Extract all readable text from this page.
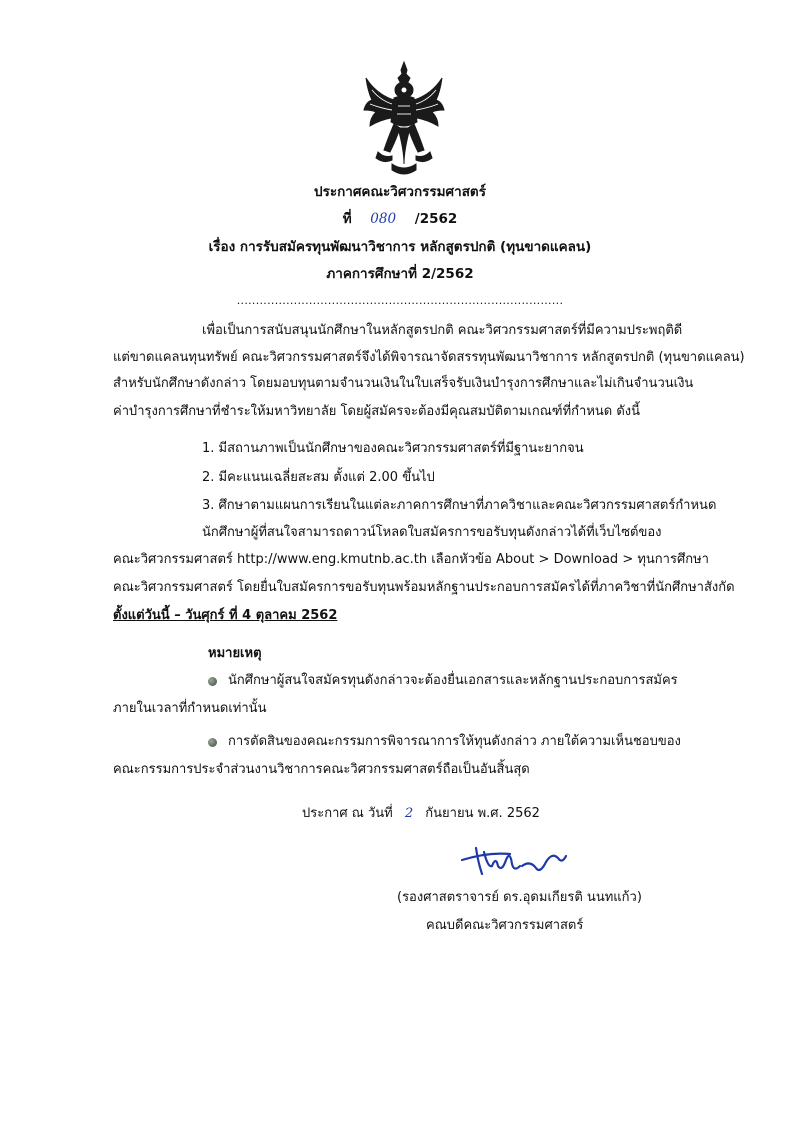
ประกาศคณะวิศวกรรมศาสตร์
ที่ 080 /2562
เรื่อง การรับสมัครทุนพัฒนาวิชาการ หลักสูตรปกติ (ทุนขาดแคลน)
ภาคการศึกษาที่ 2/2562
......................................................................................
เพื่อเป็นการสนับสนุนนักศึกษาในหลักสูตรปกติ คณะวิศวกรรมศาสตร์ที่มีความประพฤติดี
แต่ขาดแคลนทุนทรัพย์ คณะวิศวกรรมศาสตร์จึงได้พิจารณาจัดสรรทุนพัฒนาวิชาการ หลักสูตรปกติ (ทุนขาดแคลน)
สำหรับนักศึกษาดังกล่าว โดยมอบทุนตามจำนวนเงินในใบเสร็จรับเงินบำรุงการศึกษาและไม่เกินจำนวนเงิน
ค่าบำรุงการศึกษาที่ชำระให้มหาวิทยาลัย โดยผู้สมัครจะต้องมีคุณสมบัติตามเกณฑ์ที่กำหนด ดังนี้
1. มีสถานภาพเป็นนักศึกษาของคณะวิศวกรรมศาสตร์ที่มีฐานะยากจน
2. มีคะแนนเฉลี่ยสะสม ตั้งแต่ 2.00 ขึ้นไป
3. ศึกษาตามแผนการเรียนในแต่ละภาคการศึกษาที่ภาควิชาและคณะวิศวกรรมศาสตร์กำหนด
นักศึกษาผู้ที่สนใจสามารถดาวน์โหลดใบสมัครการขอรับทุนดังกล่าวได้ที่เว็บไซต์ของ
คณะวิศวกรรมศาสตร์ http://www.eng.kmutnb.ac.th เลือกหัวข้อ About > Download > ทุนการศึกษา
คณะวิศวกรรมศาสตร์ โดยยื่นใบสมัครการขอรับทุนพร้อมหลักฐานประกอบการสมัครได้ที่ภาควิชาที่นักศึกษาสังกัด
ตั้งแต่วันนี้ – วันศุกร์ ที่ 4 ตุลาคม 2562
หมายเหตุ
นักศึกษาผู้สนใจสมัครทุนดังกล่าวจะต้องยื่นเอกสารและหลักฐานประกอบการสมัคร
ภายในเวลาที่กำหนดเท่านั้น
การตัดสินของคณะกรรมการพิจารณาการให้ทุนดังกล่าว ภายใต้ความเห็นชอบของ
คณะกรรมการประจำส่วนงานวิชาการคณะวิศวกรรมศาสตร์ถือเป็นอันสิ้นสุด
ประกาศ ณ วันที่ 2 กันยายน พ.ศ. 2562
(รองศาสตราจารย์ ดร.อุดมเกียรติ นนทแก้ว)
คณบดีคณะวิศวกรรมศาสตร์
